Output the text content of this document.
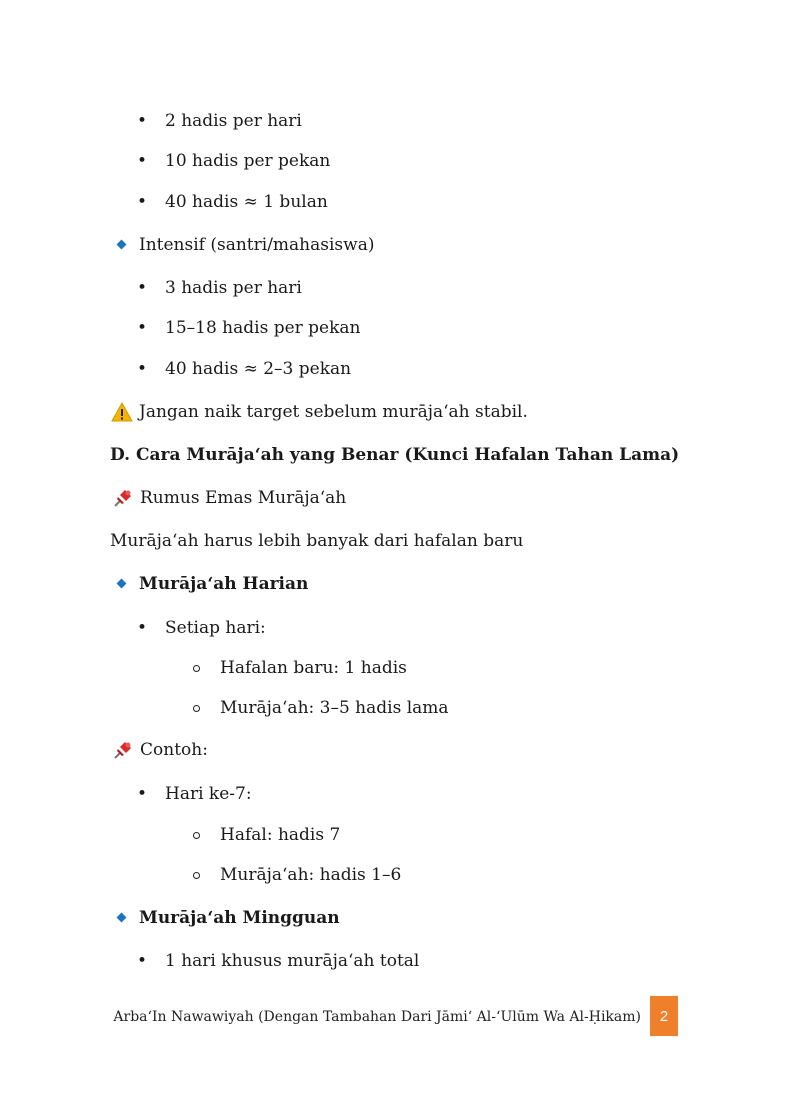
• 2 hadis per hari
• 10 hadis per pekan
• 40 hadis ≈ 1 bulan
Intensif (santri/mahasiswa)
• 3 hadis per hari
• 15–18 hadis per pekan
• 40 hadis ≈ 2–3 pekan
Jangan naik target sebelum murāja‘ah stabil.
D. Cara Murāja‘ah yang Benar (Kunci Hafalan Tahan Lama)
Rumus Emas Murāja‘ah
Murāja‘ah harus lebih banyak dari hafalan baru
Murāja‘ah Harian
• Setiap hari:
Hafalan baru: 1 hadis
Murāja‘ah: 3–5 hadis lama
Contoh:
• Hari ke-7:
Hafal: hadis 7
Murāja‘ah: hadis 1–6
Murāja‘ah Mingguan
• 1 hari khusus murāja‘ah total
Arba‘In Nawawiyah (Dengan Tambahan Dari Jāmi‘ Al-‘Ulūm Wa Al-Ḥikam) 2
